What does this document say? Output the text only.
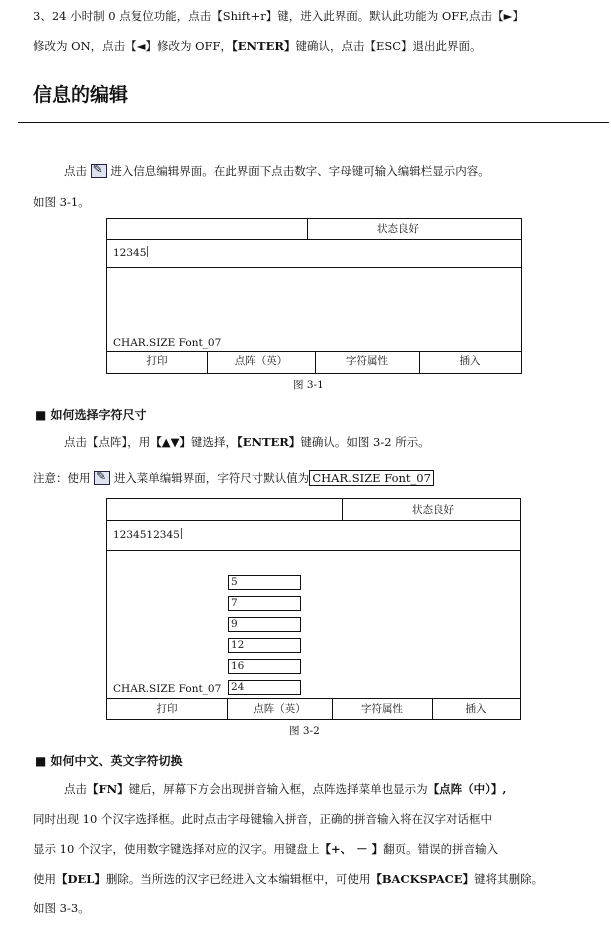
3、24 小时制 0 点复位功能，点击【Shift+r】键，进入此界面。默认此功能为 OFF,点击【►】
修改为 ON，点击【◄】修改为 OFF，【ENTER】键确认，点击【ESC】退出此界面。
信息的编辑
点击 ✎ 进入信息编辑界面。在此界面下点击数字、字母键可输入编辑栏显示内容。
如图 3-1。
状态良好
12345
CHAR.SIZE Font_07
打印	点阵（英）	字符属性	插入
图 3-1
■ 如何选择字符尺寸
点击【点阵】，用【▲▼】键选择，【ENTER】键确认。如图 3-2 所示。
注意：使用 ✎ 进入菜单编辑界面，字符尺寸默认值为 CHAR.SIZE Font_07
状态良好
1234512345
5
7
9
12
16
24
CHAR.SIZE Font_07
打印	点阵（英）	字符属性	插入
图 3-2
■ 如何中文、英文字符切换
点击【FN】键后，屏幕下方会出现拼音输入框，点阵选择菜单也显示为【点阵（中）】,
同时出现 10 个汉字选择框。此时点击字母键输入拼音，正确的拼音输入将在汉字对话框中
显示 10 个汉字，使用数字键选择对应的汉字。用键盘上【+、 － 】翻页。错误的拼音输入
使用【DEL】删除。当所选的汉字已经进入文本编辑框中，可使用【BACKSPACE】键将其删除。
如图 3-3。
